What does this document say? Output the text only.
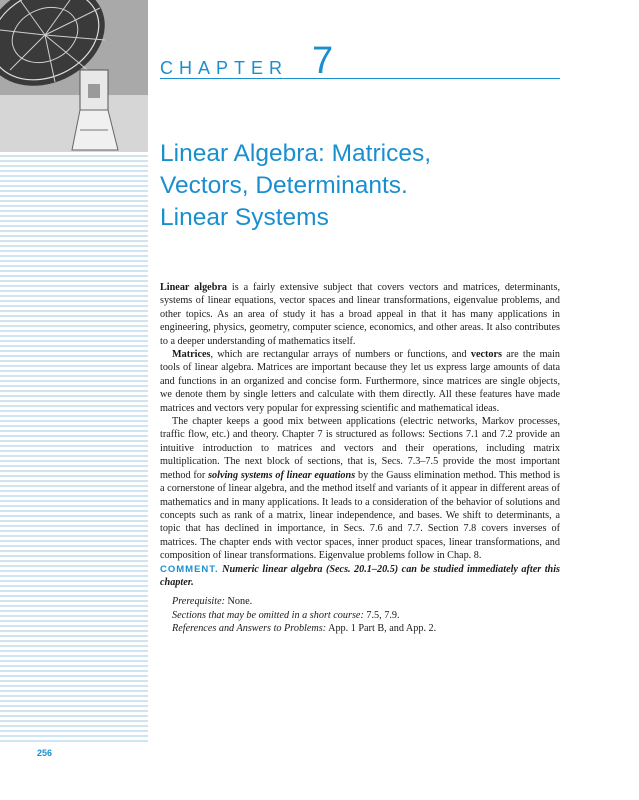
CHAPTER 7
Linear Algebra: Matrices,
Vectors, Determinants.
Linear Systems

Linear algebra is a fairly extensive subject that covers vectors and matrices, determinants, systems of linear equations, vector spaces and linear transformations, eigenvalue problems, and other topics. As an area of study it has a broad appeal in that it has many applications in engineering, physics, geometry, computer science, economics, and other areas. It also contributes to a deeper understanding of mathematics itself.

Matrices, which are rectangular arrays of numbers or functions, and vectors are the main tools of linear algebra. Matrices are important because they let us express large amounts of data and functions in an organized and concise form. Furthermore, since matrices are single objects, we denote them by single letters and calculate with them directly. All these features have made matrices and vectors very popular for expressing scientific and mathematical ideas.

The chapter keeps a good mix between applications (electric networks, Markov processes, traffic flow, etc.) and theory. Chapter 7 is structured as follows: Sections 7.1 and 7.2 provide an intuitive introduction to matrices and vectors and their operations, including matrix multiplication. The next block of sections, that is, Secs. 7.3–7.5 provide the most important method for solving systems of linear equations by the Gauss elimination method. This method is a cornerstone of linear algebra, and the method itself and variants of it appear in different areas of mathematics and in many applications. It leads to a consideration of the behavior of solutions and concepts such as rank of a matrix, linear independence, and bases. We shift to determinants, a topic that has declined in importance, in Secs. 7.6 and 7.7. Section 7.8 covers inverses of matrices. The chapter ends with vector spaces, inner product spaces, linear transformations, and composition of linear transformations. Eigenvalue problems follow in Chap. 8.

COMMENT. Numeric linear algebra (Secs. 20.1–20.5) can be studied immediately after this chapter.

Prerequisite: None.

Sections that may be omitted in a short course: 7.5, 7.9.

References and Answers to Problems: App. 1 Part B, and App. 2.

256
